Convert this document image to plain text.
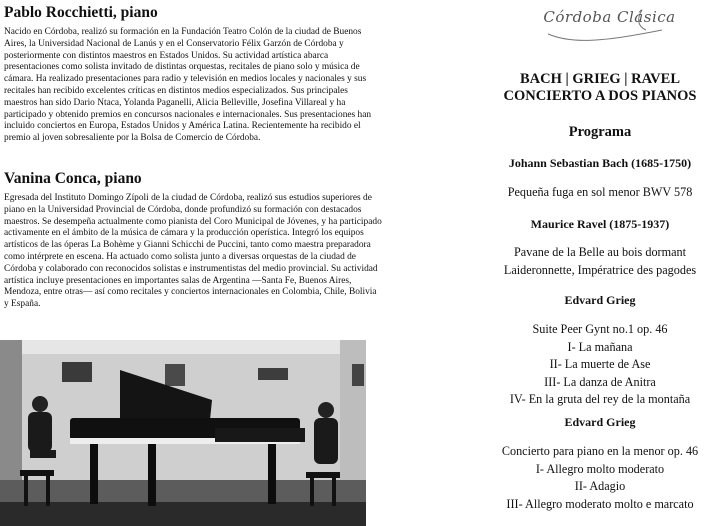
Pablo Rocchietti, piano
Nacido en Córdoba, realizó su formación en la Fundación Teatro Colón de la ciudad de Buenos Aires, la Universidad Nacional de Lanús y en el Conservatorio Félix Garzón de Córdoba y posteriormente con distintos maestros en Estados Unidos. Su actividad artística abarca presentaciones como solista invitado de distintas orquestas, recitales de piano solo y música de cámara. Ha realizado presentaciones para radio y televisión en medios locales y nacionales y sus recitales han recibido excelentes críticas en distintos medios especializados. Sus principales maestros han sido Dario Ntaca, Yolanda Paganelli, Alicia Belleville, Josefina Villareal y ha participado y obtenido premios en concursos nacionales e internacionales. Sus presentaciones han incluido conciertos en Europa, Estados Unidos y América Latina. Recientemente ha recibido el premio al joven sobresaliente por la Bolsa de Comercio de Córdoba.
Vanina Conca, piano
Egresada del Instituto Domingo Zípoli de la ciudad de Córdoba, realizó sus estudios superiores de piano en la Universidad Provincial de Córdoba, donde profundizó su formación con destacados maestros. Se desempeña actualmente como pianista del Coro Municipal de Jóvenes, y ha participado activamente en el ámbito de la música de cámara y la producción operística. Integró los equipos artísticos de las óperas La Bohème y Gianni Schicchi de Puccini, tanto como maestra preparadora como intérprete en escena. Ha actuado como solista junto a diversas orquestas de la ciudad de Córdoba y colaborado con reconocidos solistas e instrumentistas del medio provincial. Su actividad artística incluye presentaciones en importantes salas de Argentina —Santa Fe, Buenos Aires, Mendoza, entre otras— así como recitales y conciertos internacionales en Colombia, Chile, Bolivia y España.
Córdoba Clásica
BACH | GRIEG | RAVEL
CONCIERTO A DOS PIANOS
Programa
Johann Sebastian Bach (1685-1750)
Pequeña fuga en sol menor BWV 578
Maurice Ravel (1875-1937)
Pavane de la Belle au bois dormant
Laideronnette, Impératrice des pagodes
Edvard Grieg
Suite Peer Gynt no.1 op. 46
I- La mañana
II- La muerte de Ase
III- La danza de Anitra
IV- En la gruta del rey de la montaña
Edvard Grieg
Concierto para piano en la menor op. 46
I- Allegro molto moderato
II- Adagio
III- Allegro moderato molto e marcato
